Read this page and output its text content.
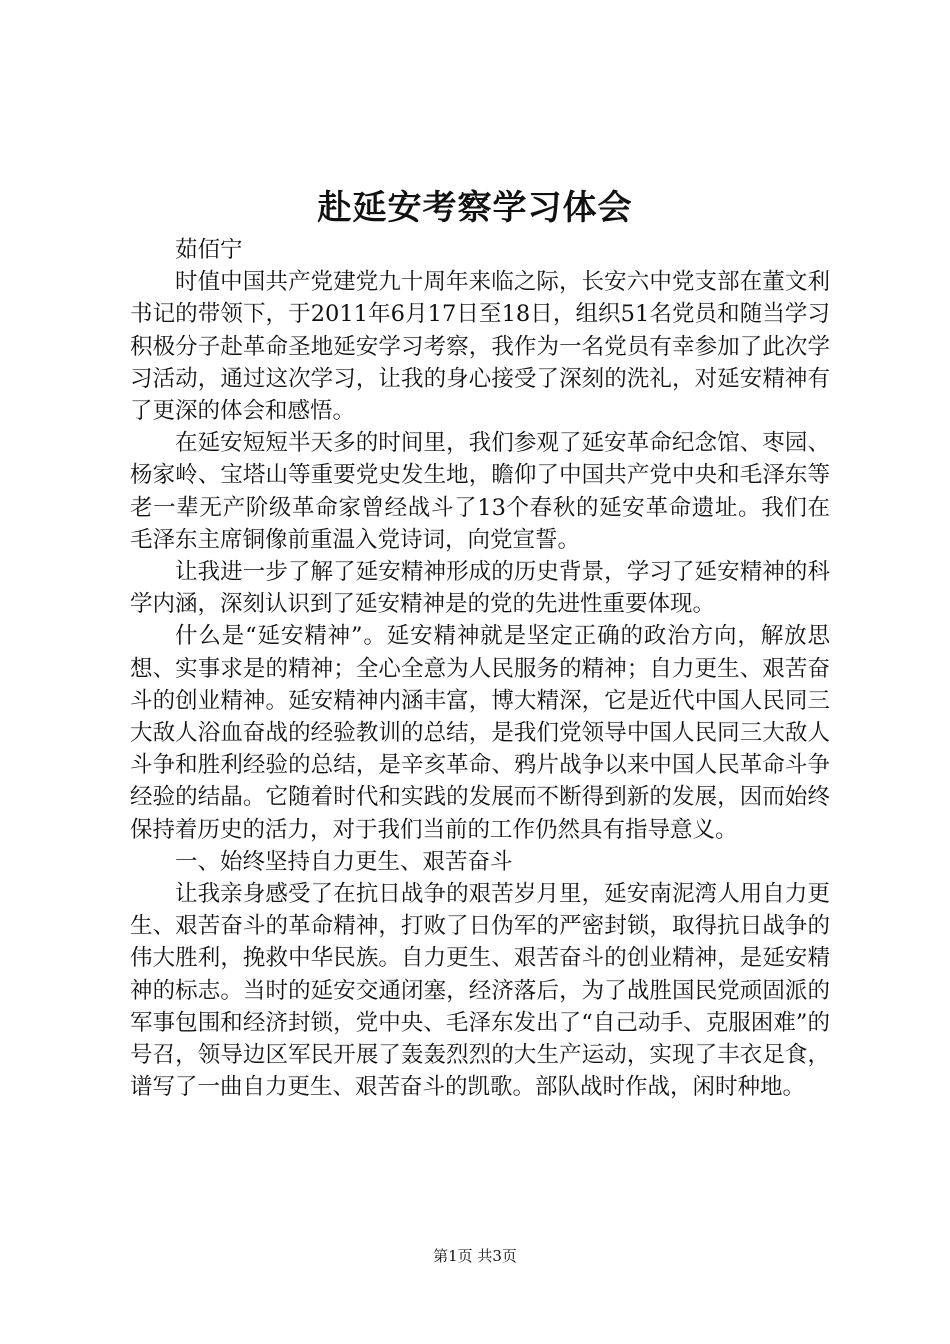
赴延安考察学习体会

茹佰宁

时值中国共产党建党九十周年来临之际，长安六中党支部在董文利书记的带领下，于2011年6月17日至18日，组织51名党员和随当学习积极分子赴革命圣地延安学习考察，我作为一名党员有幸参加了此次学习活动，通过这次学习，让我的身心接受了深刻的洗礼，对延安精神有了更深的体会和感悟。

在延安短短半天多的时间里，我们参观了延安革命纪念馆、枣园、杨家岭、宝塔山等重要党史发生地，瞻仰了中国共产党中央和毛泽东等老一辈无产阶级革命家曾经战斗了13个春秋的延安革命遗址。我们在毛泽东主席铜像前重温入党诗词，向党宣誓。

让我进一步了解了延安精神形成的历史背景，学习了延安精神的科学内涵，深刻认识到了延安精神是的党的先进性重要体现。

什么是“延安精神”。延安精神就是坚定正确的政治方向，解放思想、实事求是的精神；全心全意为人民服务的精神；自力更生、艰苦奋斗的创业精神。延安精神内涵丰富，博大精深，它是近代中国人民同三大敌人浴血奋战的经验教训的总结，是我们党领导中国人民同三大敌人斗争和胜利经验的总结，是辛亥革命、鸦片战争以来中国人民革命斗争经验的结晶。它随着时代和实践的发展而不断得到新的发展，因而始终保持着历史的活力，对于我们当前的工作仍然具有指导意义。

一、始终坚持自力更生、艰苦奋斗

让我亲身感受了在抗日战争的艰苦岁月里，延安南泥湾人用自力更生、艰苦奋斗的革命精神，打败了日伪军的严密封锁，取得抗日战争的伟大胜利，挽救中华民族。自力更生、艰苦奋斗的创业精神，是延安精神的标志。当时的延安交通闭塞，经济落后，为了战胜国民党顽固派的军事包围和经济封锁，党中央、毛泽东发出了“自己动手、克服困难”的号召，领导边区军民开展了轰轰烈烈的大生产运动，实现了丰衣足食，谱写了一曲自力更生、艰苦奋斗的凯歌。部队战时作战，闲时种地。

第1页 共3页
